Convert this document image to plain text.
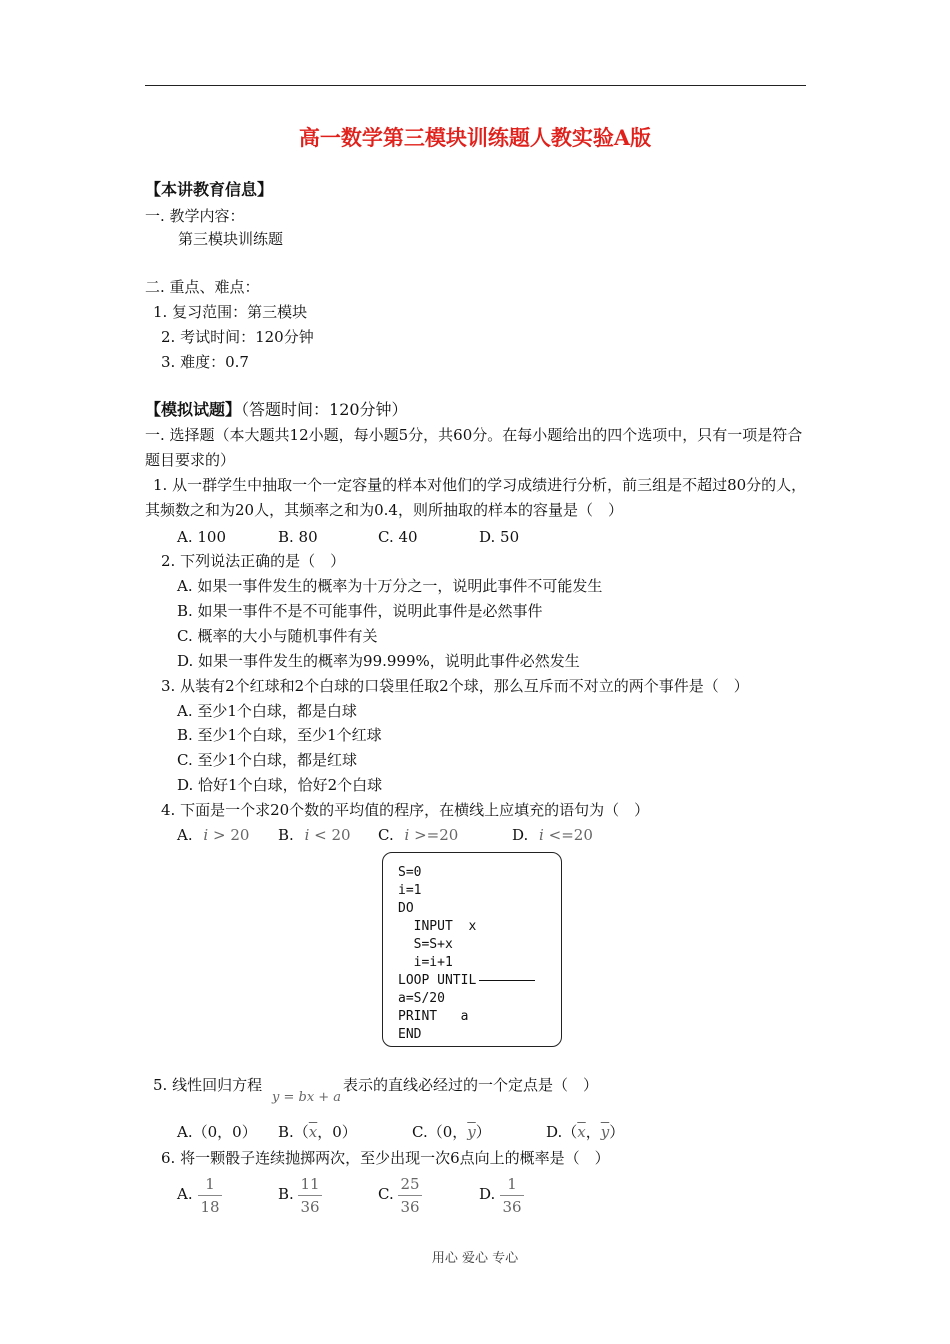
高一数学第三模块训练题人教实验A版
【本讲教育信息】
一. 教学内容：
第三模块训练题
二. 重点、难点：
1. 复习范围：第三模块
2. 考试时间：120分钟
3. 难度：0.7
【模拟试题】（答题时间：120分钟）
一. 选择题（本大题共12小题，每小题5分，共60分。在每小题给出的四个选项中，只有一项是符合题目要求的）
1. 从一群学生中抽取一个一定容量的样本对他们的学习成绩进行分析，前三组是不超过80分的人，其频数之和为20人，其频率之和为0.4，则所抽取的样本的容量是（　）
A. 100	B. 80	C. 40	D. 50
2. 下列说法正确的是（　）
A. 如果一事件发生的概率为十万分之一，说明此事件不可能发生
B. 如果一事件不是不可能事件，说明此事件是必然事件
C. 概率的大小与随机事件有关
D. 如果一事件发生的概率为99.999%，说明此事件必然发生
3. 从装有2个红球和2个白球的口袋里任取2个球，那么互斥而不对立的两个事件是（　）
A. 至少1个白球，都是白球
B. 至少1个白球，至少1个红球
C. 至少1个白球，都是红球
D. 恰好1个白球，恰好2个白球
4. 下面是一个求20个数的平均值的程序，在横线上应填充的语句为（　）
A. i > 20 B. i < 20 C. i >=20	D. i <=20
S=0
i=1
DO
INPUT  x
S=S+x
i=i+1
LOOP UNTIL
a=S/20
PRINT   a
END
5. 线性回归方程
y = bx + a
表示的直线必经过的一个定点是（　）
A.（0，0） $B.(\overline{x}$，0）	C.（0，$\overline{y}$）	$D.(\overline{x}$，$\overline{y}$）
6. 将一颗骰子连续抛掷两次，至少出现一次6点向上的概率是（　）
A.
1
18
B.
11
36
C.
25
36
D.
1
36
用心 爱心 专心
